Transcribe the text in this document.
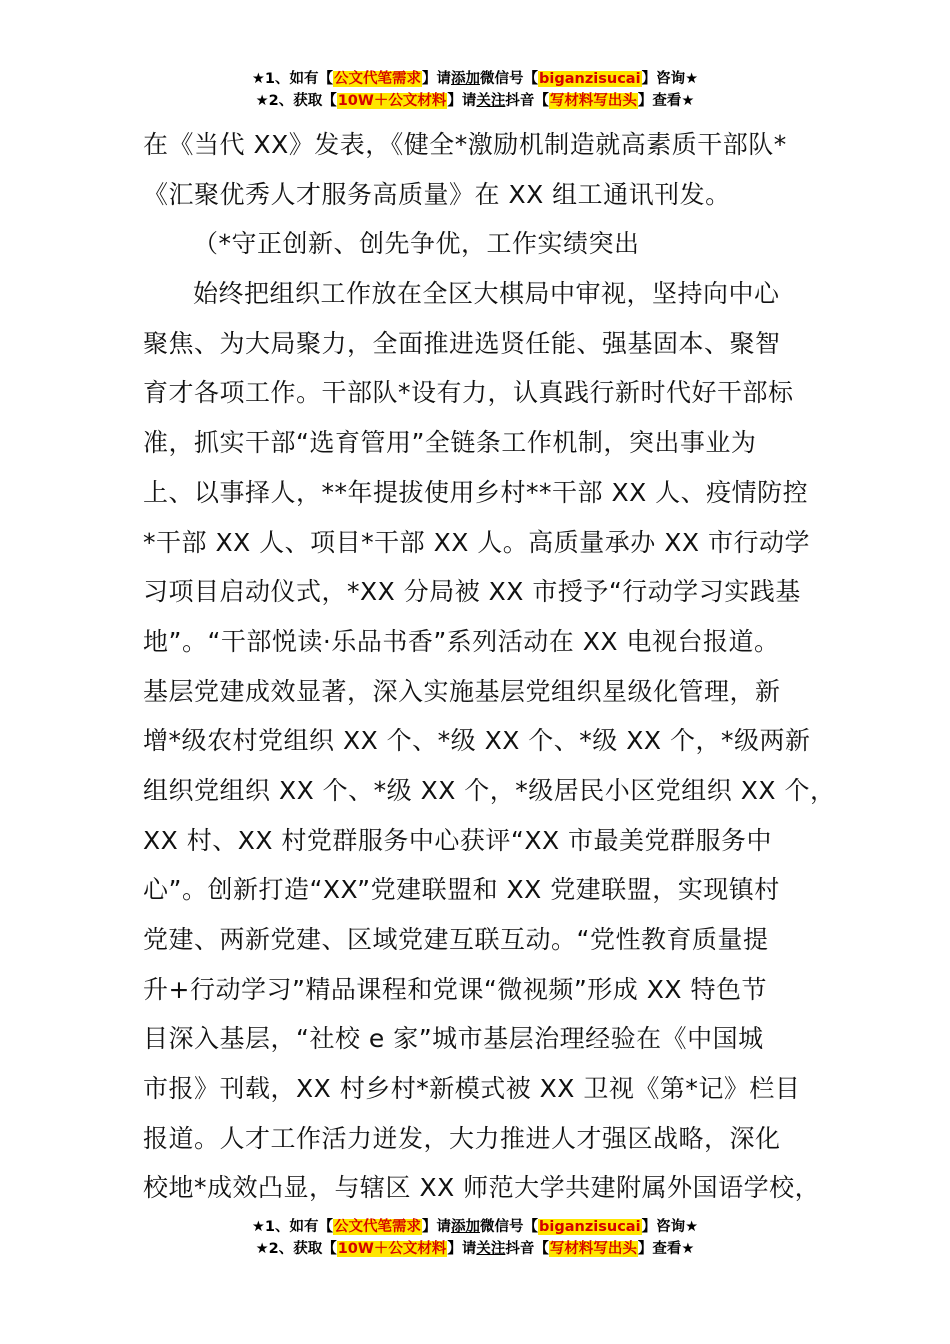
★1、如有【公文代笔需求】请添加微信号【biganzisucai】咨询★
★2、获取【10W＋公文材料】请关注抖音【写材料写出头】查看★
在《当代 XX》发表，《健全*激励机制造就高素质干部队*
《汇聚优秀人才服务高质量》在 XX 组工通讯刊发。
（*守正创新、创先争优，工作实绩突出
始终把组织工作放在全区大棋局中审视，坚持向中心
聚焦、为大局聚力，全面推进选贤任能、强基固本、聚智
育才各项工作。干部队*设有力，认真践行新时代好干部标
准，抓实干部“选育管用”全链条工作机制，突出事业为
上、以事择人，**年提拔使用乡村**干部 XX 人、疫情防控
*干部 XX 人、项目*干部 XX 人。高质量承办 XX 市行动学
习项目启动仪式，*XX 分局被 XX 市授予“行动学习实践基
地”。“干部悦读·乐品书香”系列活动在 XX 电视台报道。
基层党建成效显著，深入实施基层党组织星级化管理，新
增*级农村党组织 XX 个、*级 XX 个、*级 XX 个，*级两新
组织党组织 XX 个、*级 XX 个，*级居民小区党组织 XX 个，
XX 村、XX 村党群服务中心获评“XX 市最美党群服务中
心”。创新打造“XX”党建联盟和 XX 党建联盟，实现镇村
党建、两新党建、区域党建互联互动。“党性教育质量提
升+行动学习”精品课程和党课“微视频”形成 XX 特色节
目深入基层，“社校 e 家”城市基层治理经验在《中国城
市报》刊载，XX 村乡村*新模式被 XX 卫视《第*记》栏目
报道。人才工作活力迸发，大力推进人才强区战略，深化
校地*成效凸显，与辖区 XX 师范大学共建附属外国语学校，
★1、如有【公文代笔需求】请添加微信号【biganzisucai】咨询★
★2、获取【10W＋公文材料】请关注抖音【写材料写出头】查看★
